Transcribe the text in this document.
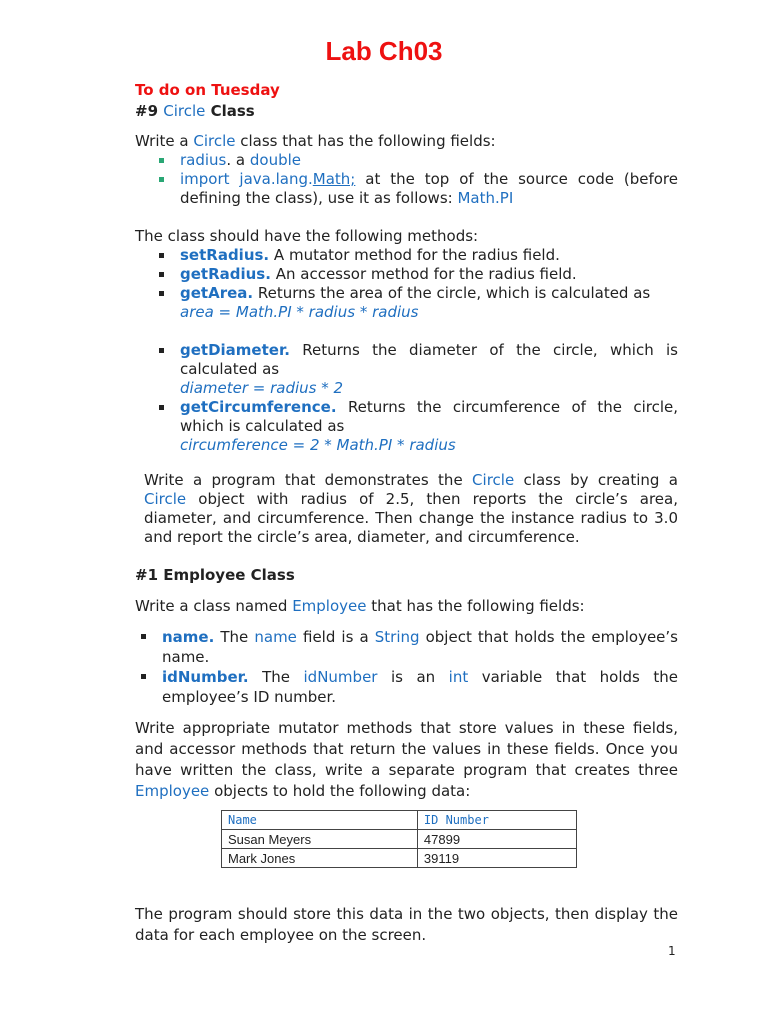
Lab Ch03
To do on Tuesday
#9 Circle Class
Write a Circle class that has the following fields:
radius. a double
import java.lang.Math; at the top of the source code (before defining the class), use it as follows: Math.PI
The class should have the following methods:
setRadius. A mutator method for the radius field.
getRadius. An accessor method for the radius field.
getArea. Returns the area of the circle, which is calculated as
area = Math.PI * radius * radius
getDiameter. Returns the diameter of the circle, which is calculated as
diameter = radius * 2
getCircumference. Returns the circumference of the circle, which is calculated as
circumference = 2 * Math.PI * radius
Write a program that demonstrates the Circle class by creating a Circle object with radius of 2.5, then reports the circle’s area, diameter, and circumference. Then change the instance radius to 3.0 and report the circle’s area, diameter, and circumference.
#1 Employee Class
Write a class named Employee that has the following fields:
name. The name field is a String object that holds the employee’s name.
idNumber. The idNumber is an int variable that holds the employee’s ID number.
Write appropriate mutator methods that store values in these fields, and accessor methods that return the values in these fields. Once you have written the class, write a separate program that creates three Employee objects to hold the following data:
Name	ID Number
Susan Meyers	47899
Mark Jones	39119
The program should store this data in the two objects, then display the data for each employee on the screen.
1
